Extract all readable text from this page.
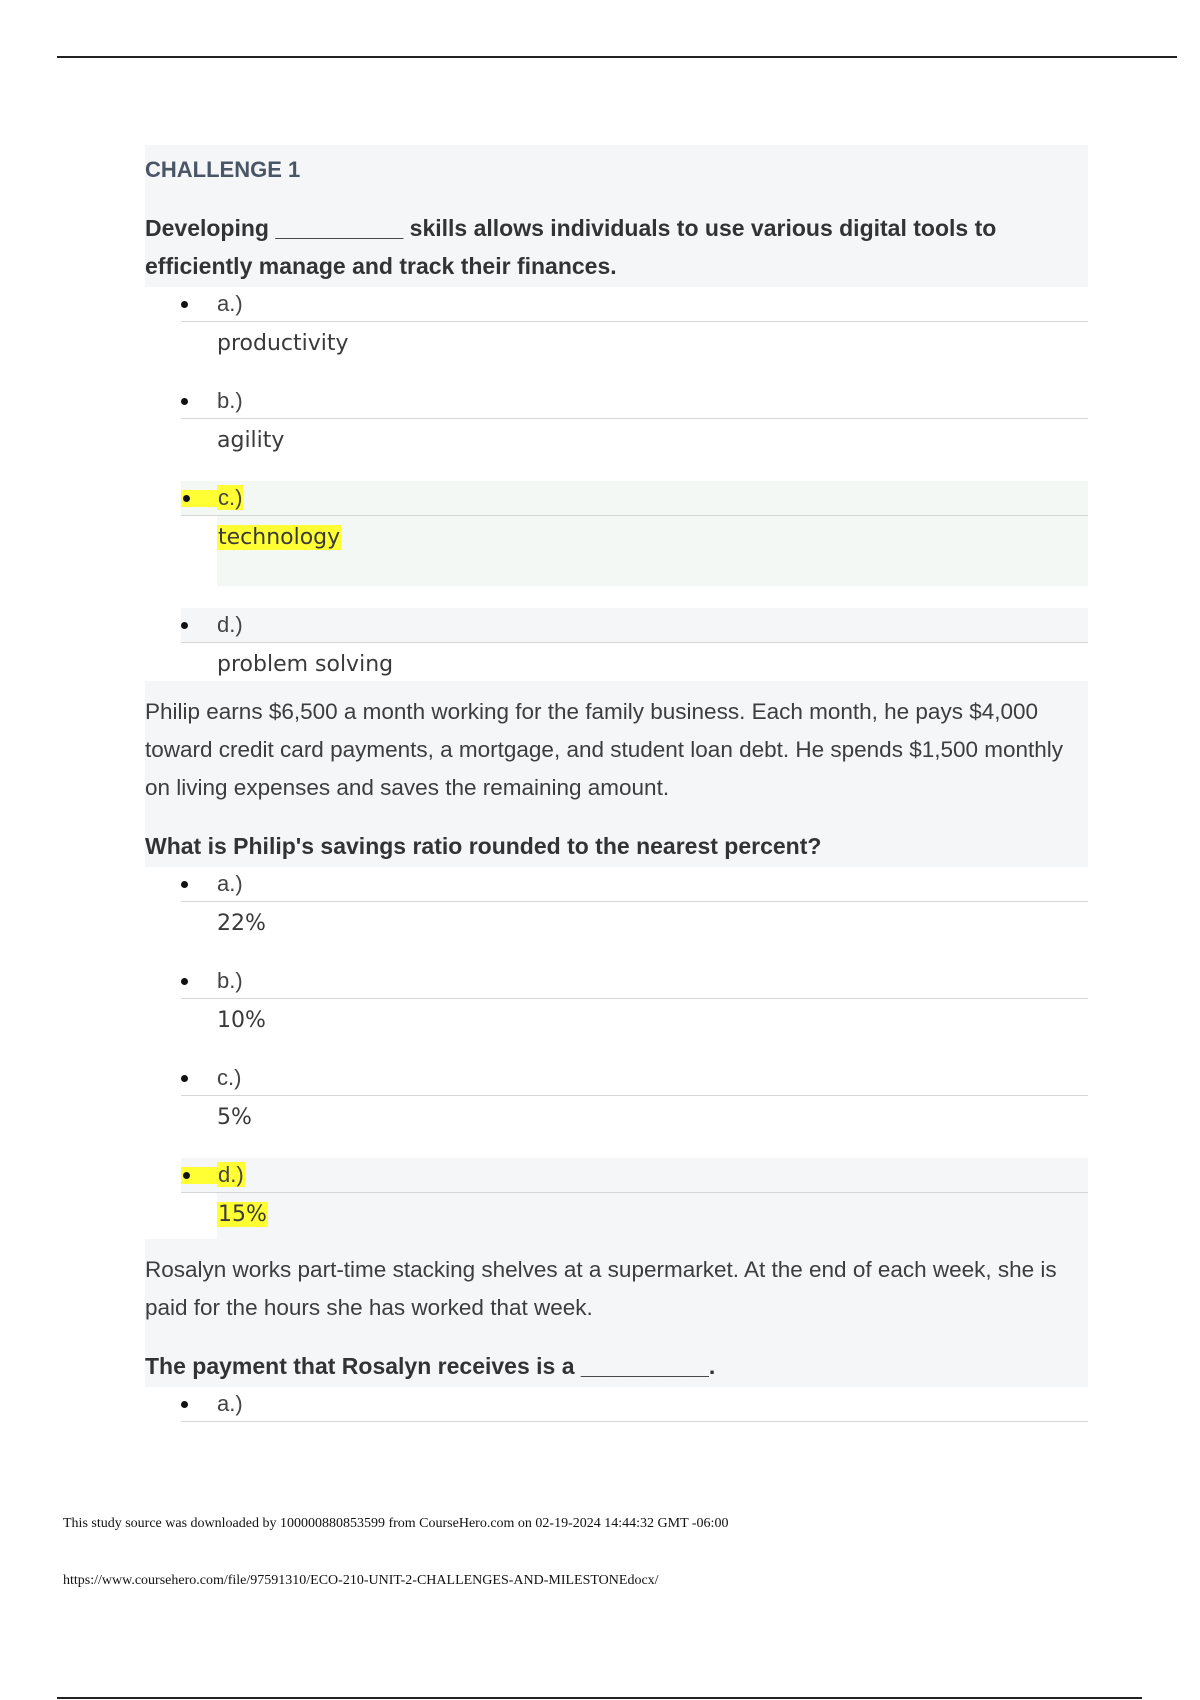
CHALLENGE 1

Developing __________ skills allows individuals to use various digital tools to efficiently manage and track their finances.

a.)
productivity
b.)
agility
c.)
technology
d.)
problem solving

Philip earns $6,500 a month working for the family business. Each month, he pays $4,000 toward credit card payments, a mortgage, and student loan debt. He spends $1,500 monthly on living expenses and saves the remaining amount.

What is Philip's savings ratio rounded to the nearest percent?

a.)
22%
b.)
10%
c.)
5%
d.)
15%

Rosalyn works part-time stacking shelves at a supermarket. At the end of each week, she is paid for the hours she has worked that week.

The payment that Rosalyn receives is a __________.

a.)
This study source was downloaded by 100000880853599 from CourseHero.com on 02-19-2024 14:44:32 GMT -06:00
https://www.coursehero.com/file/97591310/ECO-210-UNIT-2-CHALLENGES-AND-MILESTONEdocx/
